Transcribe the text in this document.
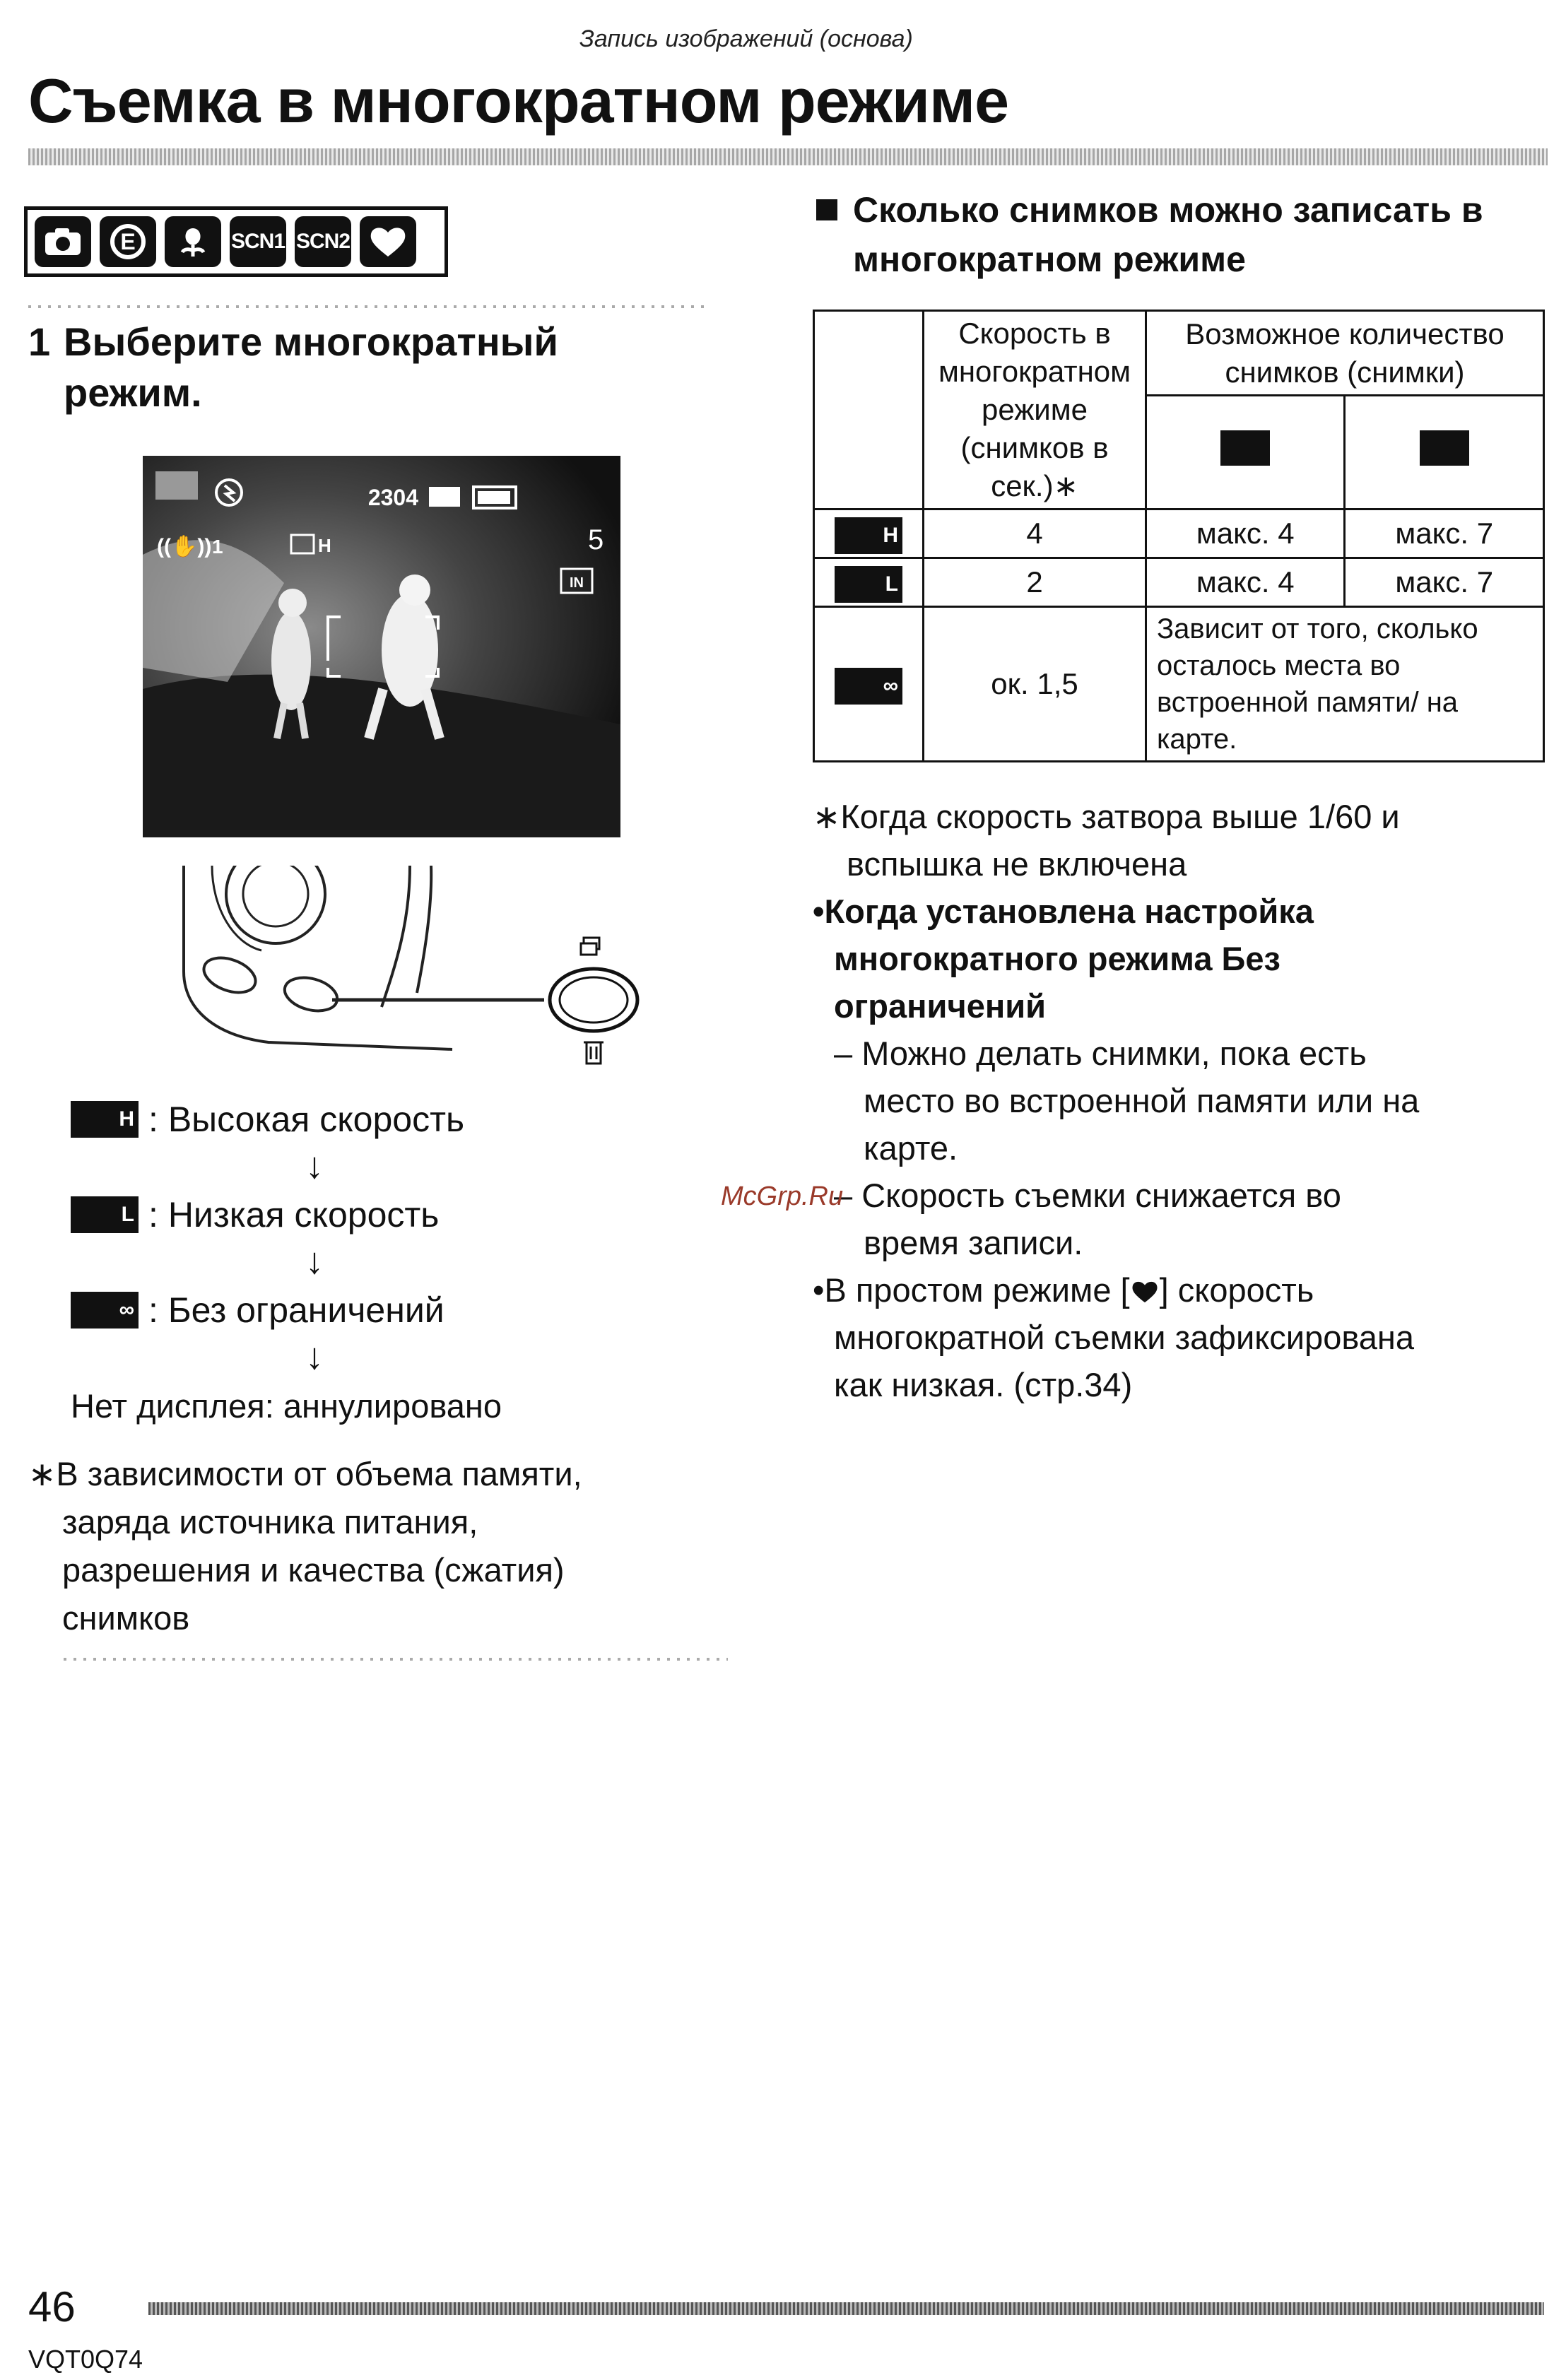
Запись изображений (основа)
Съемка в многократном режиме
E	SCN1 SCN2
1 Выберите многократный
режим.
2304
((✋)) 1	H	5
IN
H :
Высокая скорость
↓
L :
Низкая скорость
↓
∞ :
Без ограничений
↓
Нет дисплея: аннулировано
∗В зависимости от объема памяти,
заряда источника питания,
разрешения и качества (сжатия)
снимков
Сколько снимков можно записать в
многократном режиме
	Скорость в многократном режиме (снимков в сек.)∗	Возможное количество снимков (снимки)	

H	4	макс. 4	макс. 7
L	2	макс. 4	макс. 7
∞	ок. 1,5	Зависит от того, сколько осталось места во встроенной памяти/ на карте.	
∗Когда скорость затвора выше 1/60 и
вспышка не включена
•Когда установлена настройка
многократного режима Без
ограничений
– Можно делать снимки, пока есть
место во встроенной памяти или на
карте.
– Скорость съемки снижается во
время записи.
•В простом режиме [ ] скорость
многократной съемки зафиксирована
как низкая. (стр.34)
McGrp.Ru
46
VQT0Q74
